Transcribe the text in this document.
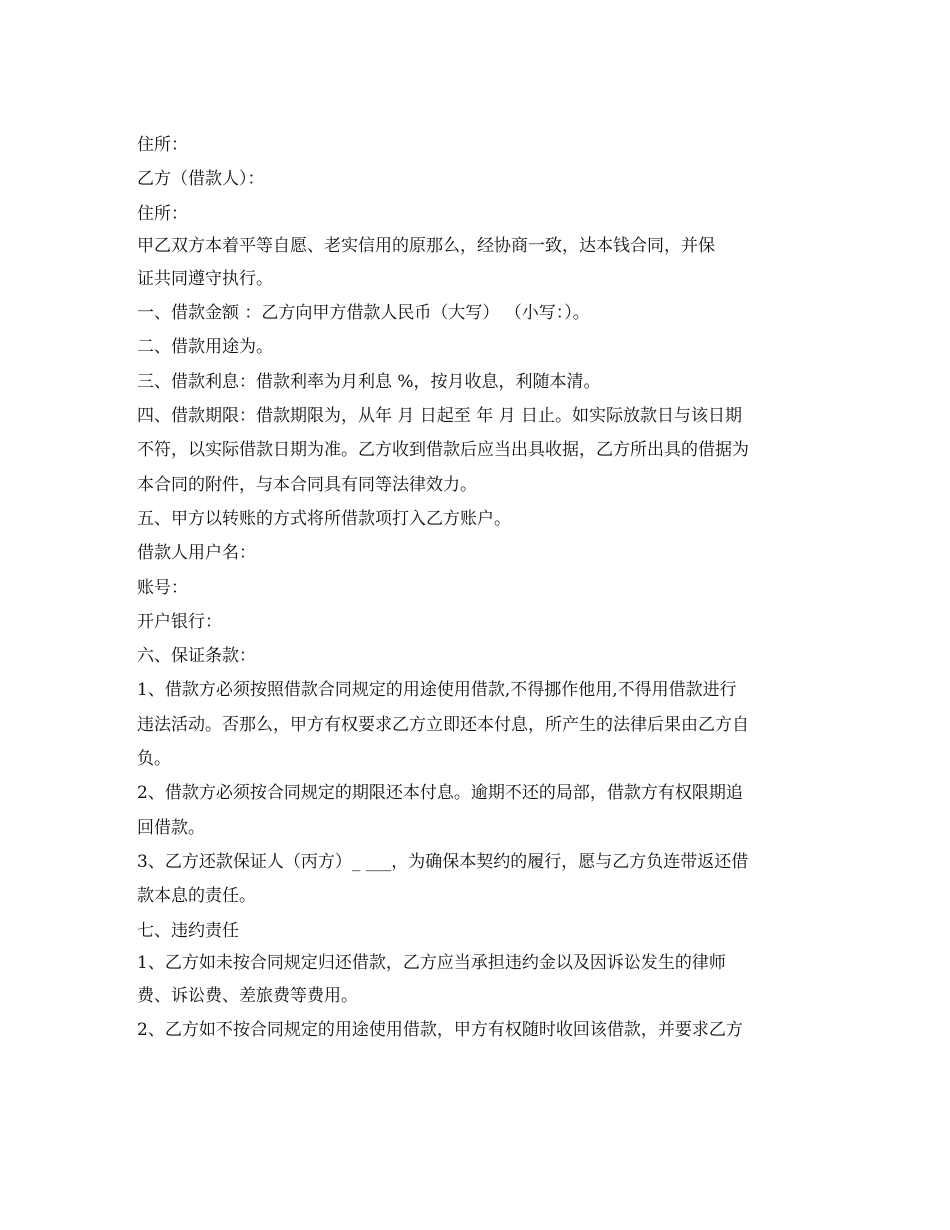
住所：
乙方（借款人）：
住所：
甲乙双方本着平等自愿、老实信用的原那么，经协商一致，达本钱合同，并保
证共同遵守执行。
一、借款金额 ：乙方向甲方借款人民币（大写） （小写：）。
二、借款用途为。
三、借款利息：借款利率为月利息 %，按月收息，利随本清。
四、借款期限：借款期限为，从年 月 日起至 年 月 日止。如实际放款日与该日期
不符，以实际借款日期为准。乙方收到借款后应当出具收据，乙方所出具的借据为
本合同的附件，与本合同具有同等法律效力。
五、甲方以转账的方式将所借款项打入乙方账户。
借款人用户名：
账号：
开户银行：
六、保证条款：
1、借款方必须按照借款合同规定的用途使用借款,不得挪作他用,不得用借款进行
违法活动。否那么，甲方有权要求乙方立即还本付息，所产生的法律后果由乙方自
负。
2、借款方必须按合同规定的期限还本付息。逾期不还的局部，借款方有权限期追
回借款。
3、乙方还款保证人（丙方）_ ___，为确保本契约的履行，愿与乙方负连带返还借
款本息的责任。
七、违约责任
1、乙方如未按合同规定归还借款，乙方应当承担违约金以及因诉讼发生的律师
费、诉讼费、差旅费等费用。
2、乙方如不按合同规定的用途使用借款，甲方有权随时收回该借款，并要求乙方
